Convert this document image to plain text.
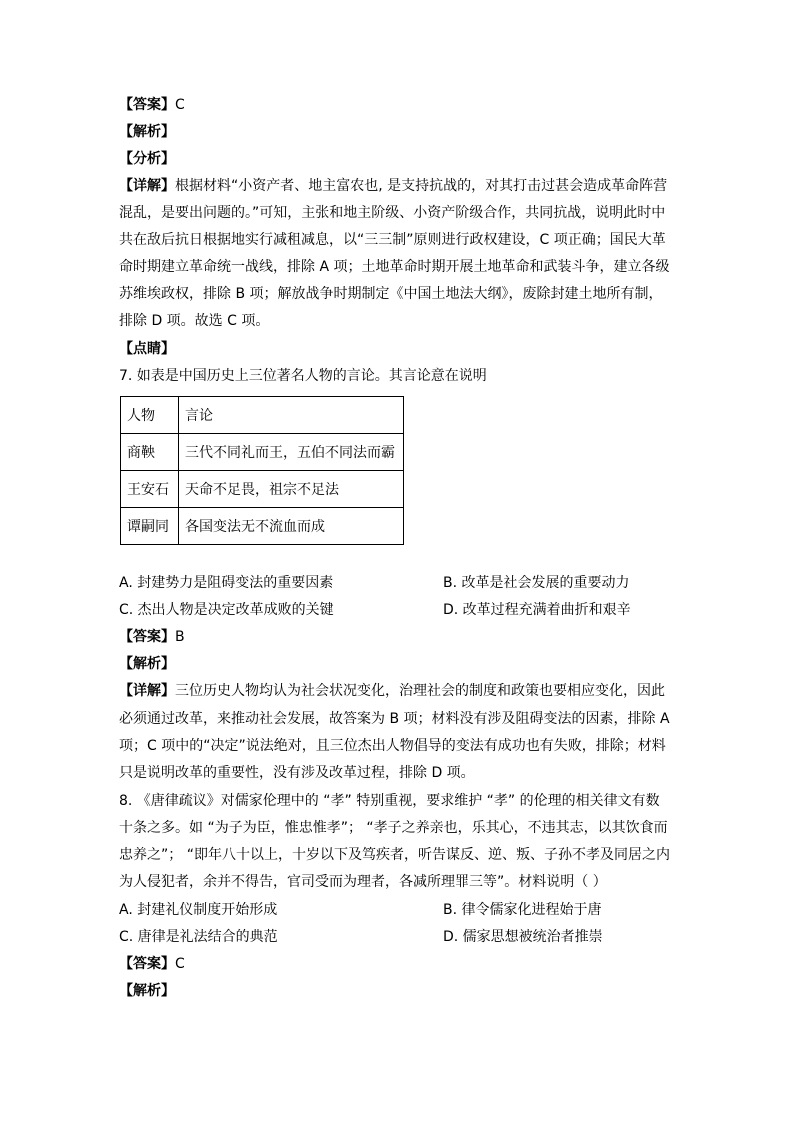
【答案】C
【解析】
【分析】
【详解】根据材料“小资产者、地主富农也, 是支持抗战的，对其打击过甚会造成革命阵营
混乱，是要出问题的。”可知，主张和地主阶级、小资产阶级合作，共同抗战，说明此时中
共在敌后抗日根据地实行减租减息，以“三三制”原则进行政权建设，C 项正确；国民大革
命时期建立革命统一战线，排除 A 项；土地革命时期开展土地革命和武装斗争，建立各级
苏维埃政权，排除 B 项；解放战争时期制定《中国土地法大纲》，废除封建土地所有制，
排除 D 项。故选 C 项。
【点睛】
7. 如表是中国历史上三位著名人物的言论。其言论意在说明
人物	言论
商鞅	三代不同礼而王，五伯不同法而霸
王安石	天命不足畏，祖宗不足法
谭嗣同	各国变法无不流血而成
A. 封建势力是阻碍变法的重要因素	B. 改革是社会发展的重要动力
C. 杰出人物是决定改革成败的关键	D. 改革过程充满着曲折和艰辛
【答案】B
【解析】
【详解】三位历史人物均认为社会状况变化，治理社会的制度和政策也要相应变化，因此
必须通过改革，来推动社会发展，故答案为 B 项；材料没有涉及阻碍变法的因素，排除 A
项；C 项中的“决定”说法绝对，且三位杰出人物倡导的变法有成功也有失败，排除；材料
只是说明改革的重要性，没有涉及改革过程，排除 D 项。
8. 《唐律疏议》对儒家伦理中的 “孝” 特别重视，要求维护 “孝” 的伦理的相关律文有数
十条之多。如 “为子为臣，惟忠惟孝”； “孝子之养亲也，乐其心，不违其志，以其饮食而
忠养之”； “即年八十以上，十岁以下及笃疾者，听告谋反、逆、叛、子孙不孝及同居之内
为人侵犯者，余并不得告，官司受而为理者，各减所理罪三等”。材料说明（ ）
A. 封建礼仪制度开始形成	B. 律令儒家化进程始于唐
C. 唐律是礼法结合的典范	D. 儒家思想被统治者推崇
【答案】C
【解析】
